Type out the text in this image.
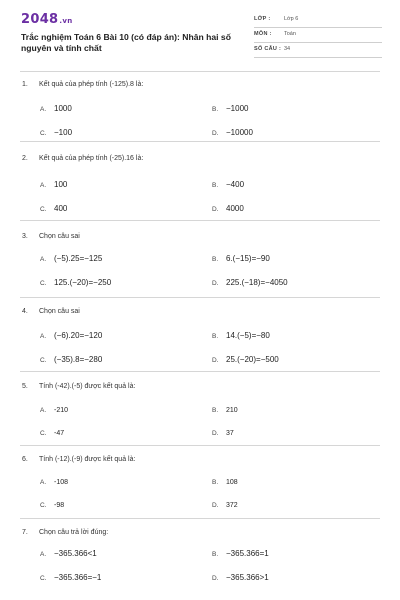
2048.vn
Trắc nghiệm Toán 6 Bài 10 (có đáp án): Nhân hai số nguyên và tính chất
LỚP : Lớp 6
MÔN : Toán
SỐ CÂU : 34
1. Kết quả của phép tính (-125).8 là:
A. 1000	B. −1000
C. −100	D. −10000
2. Kết quả của phép tính (-25).16 là:
A. 100	B. −400
C. 400	D. 4000
3. Chọn câu sai
A. (−5).25=−125	B. 6.(−15)=−90
C. 125.(−20)=−250	D. 225.(−18)=−4050
4. Chọn câu sai
A. (−6).20=−120	B. 14.(−5)=−80
C. (−35).8=−280	D. 25.(−20)=−500
5. Tính (-42).(-5) được kết quả là:
A. -210	B. 210
C. -47	D. 37
6. Tính (-12).(-9) được kết quả là:
A. -108	B. 108
C. -98	D. 372
7. Chọn câu trả lời đúng:
A. −365.366<1	B. −365.366=1
C. −365.366=−1	D. −365.366>1
